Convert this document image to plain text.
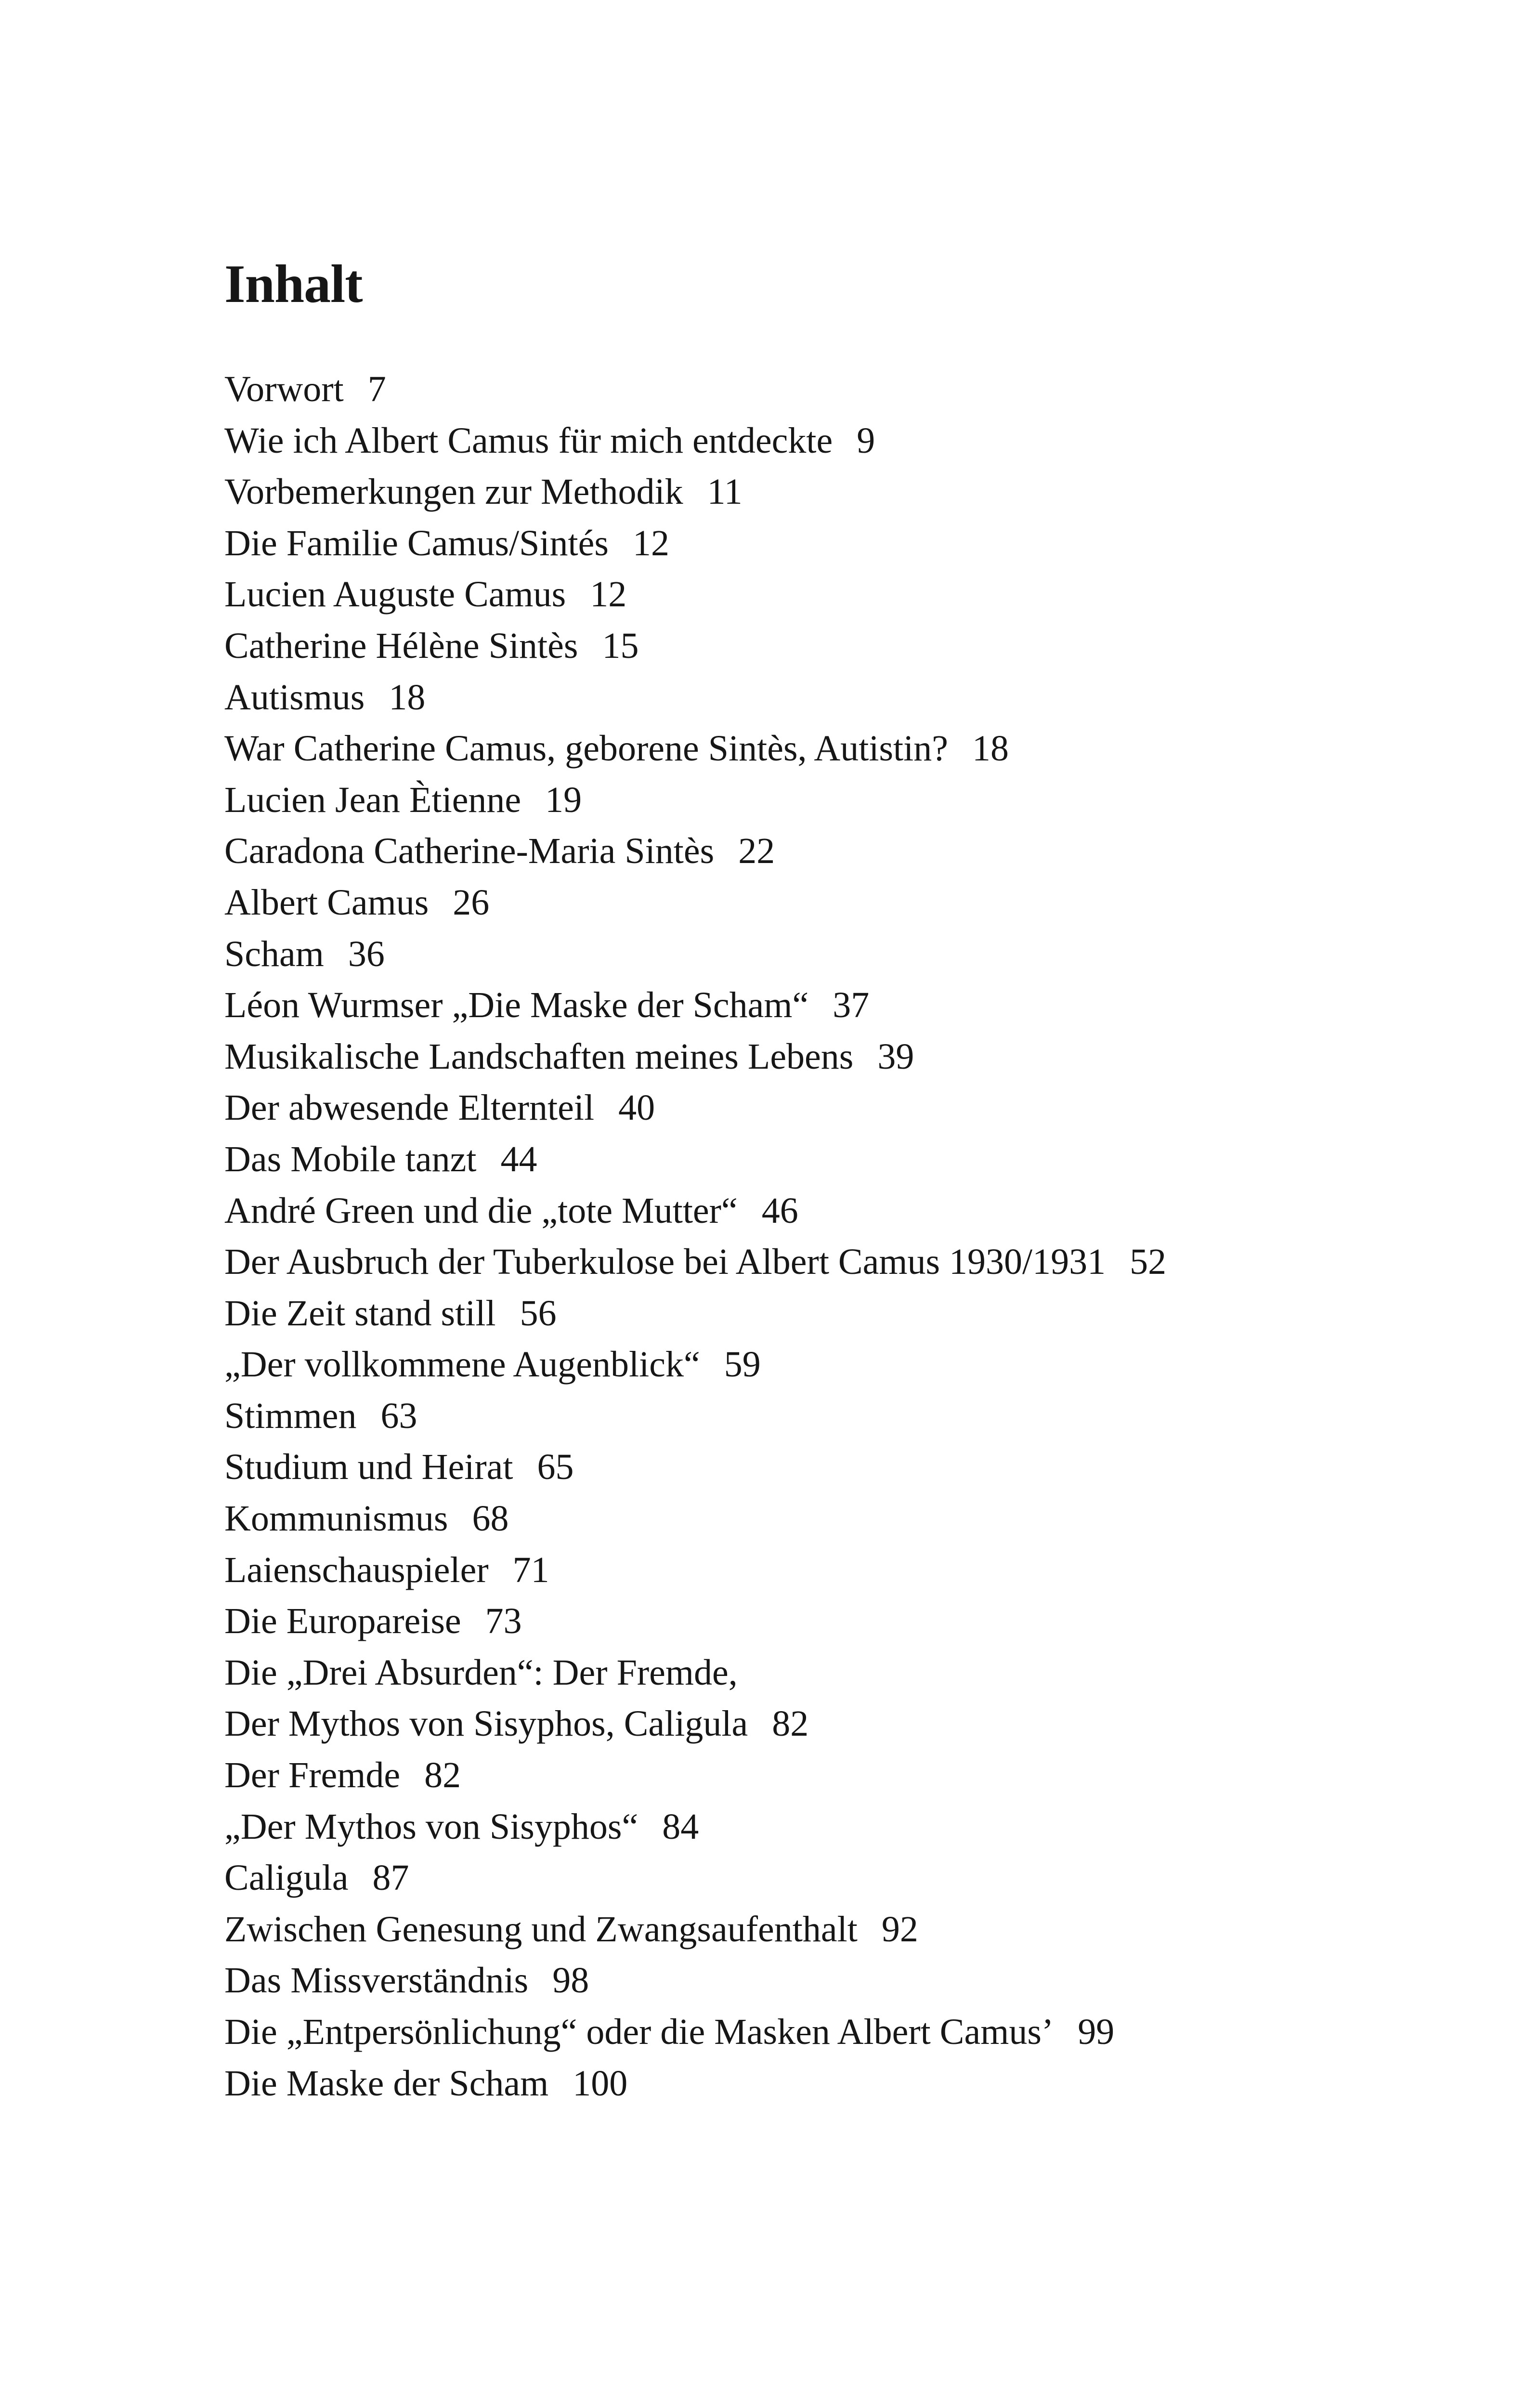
Inhalt
Vorwort 7
Wie ich Albert Camus für mich entdeckte 9
Vorbemerkungen zur Methodik 11
Die Familie Camus/Sintés 12
Lucien Auguste Camus 12
Catherine Hélène Sintès 15
Autismus 18
War Catherine Camus, geborene Sintès, Autistin? 18
Lucien Jean Ètienne 19
Caradona Catherine-Maria Sintès 22
Albert Camus 26
Scham 36
Léon Wurmser „Die Maske der Scham“ 37
Musikalische Landschaften meines Lebens 39
Der abwesende Elternteil 40
Das Mobile tanzt 44
André Green und die „tote Mutter“ 46
Der Ausbruch der Tuberkulose bei Albert Camus 1930/1931 52
Die Zeit stand still 56
„Der vollkommene Augenblick“ 59
Stimmen 63
Studium und Heirat 65
Kommunismus 68
Laienschauspieler 71
Die Europareise 73
Die „Drei Absurden“: Der Fremde,
Der Mythos von Sisyphos, Caligula 82
Der Fremde 82
„Der Mythos von Sisyphos“ 84
Caligula 87
Zwischen Genesung und Zwangsaufenthalt 92
Das Missverständnis 98
Die „Entpersönlichung“ oder die Masken Albert Camus’ 99
Die Maske der Scham 100
